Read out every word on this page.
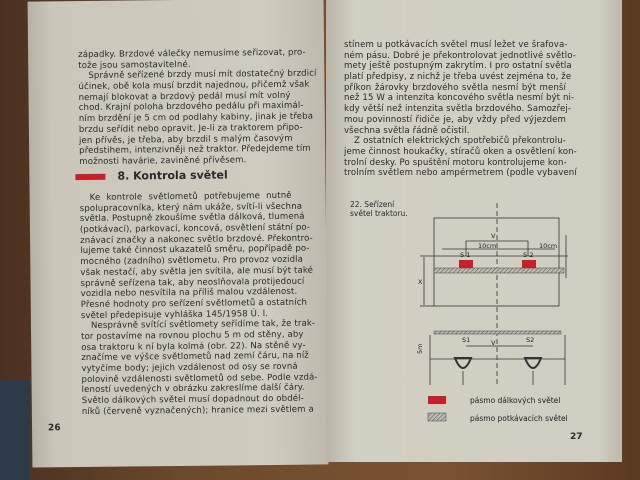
západky. Brzdové válečky nemusíme seřizovat, pro-
tože jsou samostavitelné.
Správně seřízené brzdy musí mít dostatečný brzdicí
účinek, obě kola musí brzdit najednou, přičemž však
nemají blokovat a brzdový pedál musí mít volný
chod. Krajní poloha brzdového pedálu při maximál-
ním brzdění je 5 cm od podlahy kabiny, jinak je třeba
brzdu seřídit nebo opravit. Je-li za traktorem připo-
jen přívěs, je třeba, aby brzdil s malým časovým
předstihem, intenzivněji než traktor. Předejdeme tím
možnosti havárie, zaviněné přívěsem.
8. Kontrola světel
Ke kontrole světlometů potřebujeme nutně
spolupracovníka, který nám ukáže, svítí-li všechna
světla. Postupně zkoušíme světla dálková, tlumená
(potkávací), parkovací, koncová, osvětlení státní po-
znávací značky a nakonec světlo brzdové. Překontro-
lujeme také činnost ukazatelů směru, popřípadě po-
mocného (zadního) světlometu. Pro provoz vozidla
však nestačí, aby světla jen svítila, ale musí být také
správně seřízena tak, aby neoslňovala protijedoucí
vozidla nebo nesvítila na příliš malou vzdálenost.
Přesné hodnoty pro seřízení světlometů a ostatních
světel předepisuje vyhláška 145/1958 Ú. l.
Nesprávně svítící světlomety seřídíme tak, že trak-
tor postavíme na rovnou plochu 5 m od stěny, aby
osa traktoru k ní byla kolmá (obr. 22). Na stěně vy-
značíme ve výšce světlometů nad zemí čáru, na níž
vytyčíme body; jejich vzdálenost od osy se rovná
polovině vzdálenosti světlometů od sebe. Podle vzdá-
leností uvedených v obrázku zakreslíme další čáry.
Světlo dálkových světel musí dopadnout do obdél-
níků (červeně vyznačených); hranice mezi světlem a
26
stínem u potkávacích světel musí ležet ve šrafova-
ném pásu. Dobré je překontrolovat jednotlivé světlo-
mety ještě postupným zakrytím. I pro ostatní světla
platí předpisy, z nichž je třeba uvést zejména to, že
příkon žárovky brzdového světla nesmí být menší
než 15 W a intenzita koncového světla nesmí být ni-
kdy větší než intenzita světla brzdového. Samozřej-
mou povinností řidiče je, aby vždy před výjezdem
všechna světla řádně očistil.
Z ostatních elektrických spotřebičů překontrolu-
jeme činnost houkačky, stíračů oken a osvětlení kon-
trolní desky. Po spuštění motoru kontrolujeme kon-
trolním světlem nebo ampérmetrem (podle vybavení
22. Seřízení
světel traktoru.
27
V
10cm	10cm
S 1	S 2
X
S1	S2
V
5m
pásmo dálkových světel
pásmo potkávacích světel
